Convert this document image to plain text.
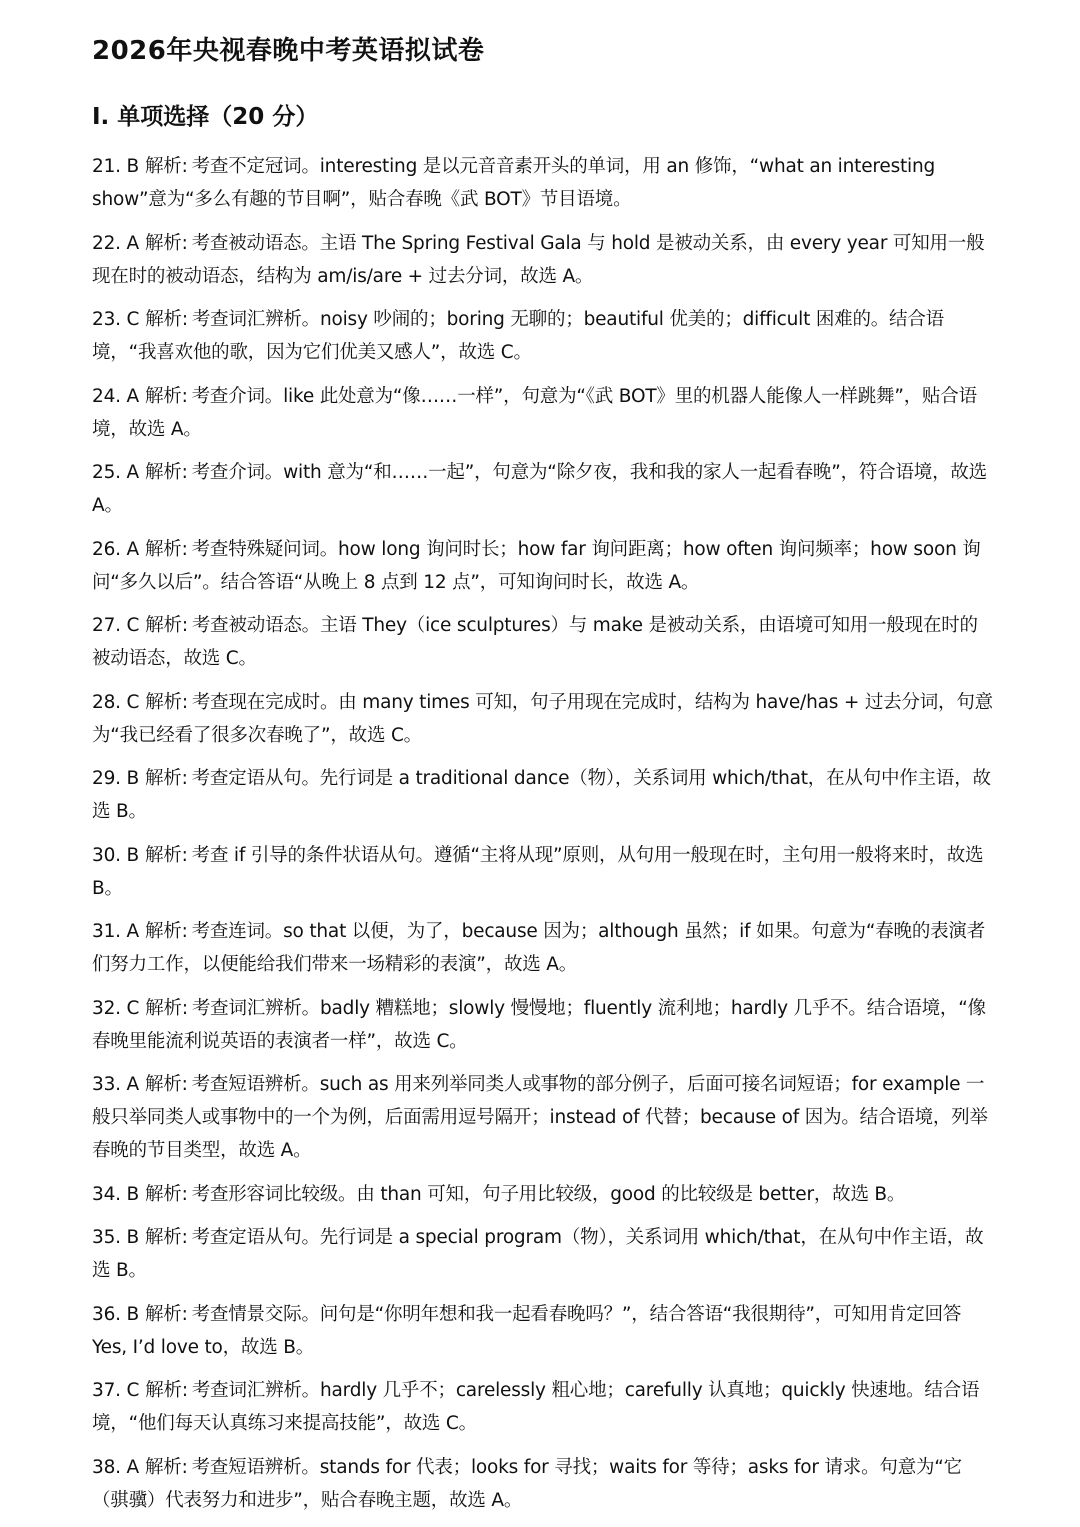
2026年央视春晚中考英语拟试卷
Ⅰ. 单项选择（20 分）

21. B 解析: 考查不定冠词。interesting 是以元音音素开头的单词，用 an 修饰，“what an interesting show”意为“多么有趣的节目啊”，贴合春晚《武 BOT》节目语境。

22. A 解析: 考查被动语态。主语 The Spring Festival Gala 与 hold 是被动关系，由 every year 可知用一般现在时的被动语态，结构为 am/is/are + 过去分词，故选 A。

23. C 解析: 考查词汇辨析。noisy 吵闹的；boring 无聊的；beautiful 优美的；difficult 困难的。结合语境，“我喜欢他的歌，因为它们优美又感人”，故选 C。

24. A 解析: 考查介词。like 此处意为“像……一样”，句意为“《武 BOT》里的机器人能像人一样跳舞”，贴合语境，故选 A。

25. A 解析: 考查介词。with 意为“和……一起”，句意为“除夕夜，我和我的家人一起看春晚”，符合语境，故选 A。

26. A 解析: 考查特殊疑问词。how long 询问时长；how far 询问距离；how often 询问频率；how soon 询问“多久以后”。结合答语“从晚上 8 点到 12 点”，可知询问时长，故选 A。

27. C 解析: 考查被动语态。主语 They（ice sculptures）与 make 是被动关系，由语境可知用一般现在时的被动语态，故选 C。

28. C 解析: 考查现在完成时。由 many times 可知，句子用现在完成时，结构为 have/has + 过去分词，句意为“我已经看了很多次春晚了”，故选 C。

29. B 解析: 考查定语从句。先行词是 a traditional dance（物），关系词用 which/that，在从句中作主语，故选 B。

30. B 解析: 考查 if 引导的条件状语从句。遵循“主将从现”原则，从句用一般现在时，主句用一般将来时，故选 B。

31. A 解析: 考查连词。so that 以便，为了，because 因为；although 虽然；if 如果。句意为“春晚的表演者们努力工作，以便能给我们带来一场精彩的表演”，故选 A。

32. C 解析: 考查词汇辨析。badly 糟糕地；slowly 慢慢地；fluently 流利地；hardly 几乎不。结合语境，“像春晚里能流利说英语的表演者一样”，故选 C。

33. A 解析: 考查短语辨析。such as 用来列举同类人或事物的部分例子，后面可接名词短语；for example 一般只举同类人或事物中的一个为例，后面需用逗号隔开；instead of 代替；because of 因为。结合语境，列举春晚的节目类型，故选 A。

34. B 解析: 考查形容词比较级。由 than 可知，句子用比较级，good 的比较级是 better，故选 B。

35. B 解析: 考查定语从句。先行词是 a special program（物），关系词用 which/that，在从句中作主语，故选 B。

36. B 解析: 考查情景交际。问句是“你明年想和我一起看春晚吗？”，结合答语“我很期待”，可知用肯定回答 Yes, I’d love to，故选 B。

37. C 解析: 考查词汇辨析。hardly 几乎不；carelessly 粗心地；carefully 认真地；quickly 快速地。结合语境，“他们每天认真练习来提高技能”，故选 C。

38. A 解析: 考查短语辨析。stands for 代表；looks for 寻找；waits for 等待；asks for 请求。句意为“它（骐骥）代表努力和进步”，贴合春晚主题，故选 A。
